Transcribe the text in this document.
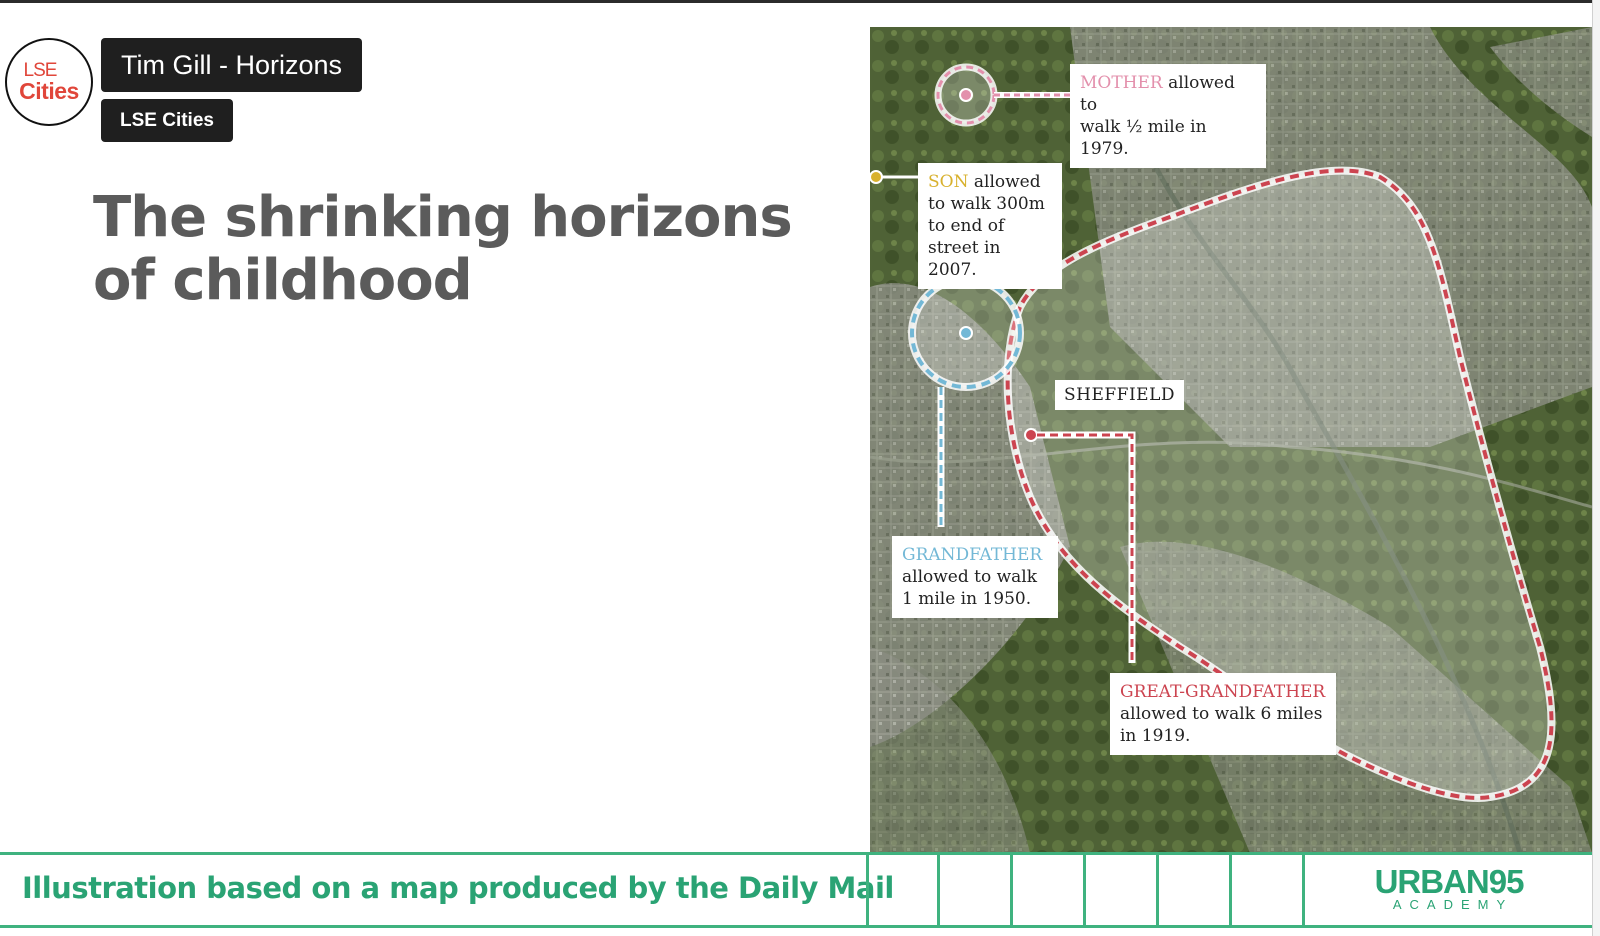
LSE
Cities
Tim Gill - Horizons
LSE Cities
The shrinking horizons
of childhood
MOTHER allowed to
walk ½ mile in 1979.
SON allowed
to walk 300m
to end of
street in 2007.
SHEFFIELD
GRANDFATHER
allowed to walk
1 mile in 1950.
GREAT-GRANDFATHER
allowed to walk 6 miles
in 1919.
Illustration based on a map produced by the Daily Mail	URBAN95
ACADEMY
